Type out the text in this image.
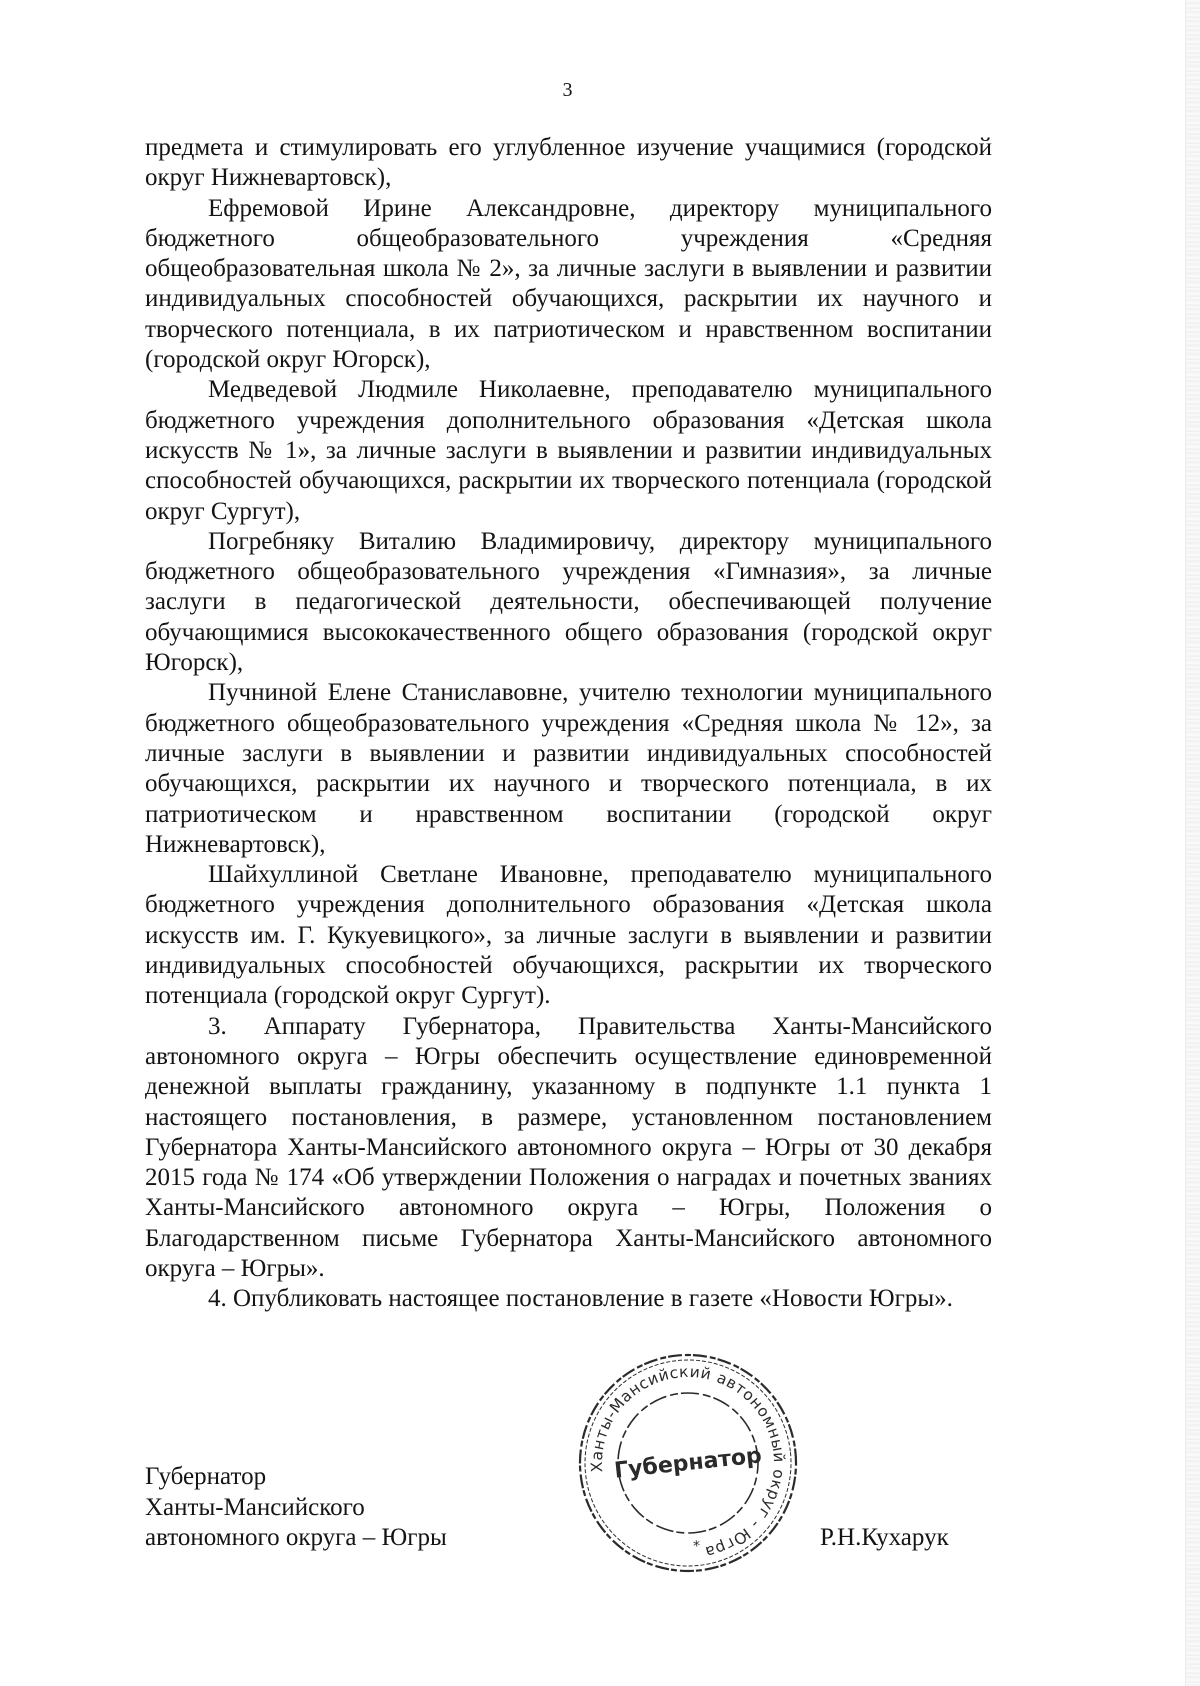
3

предмета и стимулировать его углубленное изучение учащимися (городской округ Нижневартовск),

Ефремовой Ирине Александровне, директору муниципального бюджетного общеобразовательного учреждения «Средняя общеобразовательная школа № 2», за личные заслуги в выявлении и развитии индивидуальных способностей обучающихся, раскрытии их научного и творческого потенциала, в их патриотическом и нравственном воспитании (городской округ Югорск),

Медведевой Людмиле Николаевне, преподавателю муниципального бюджетного учреждения дополнительного образования «Детская школа искусств № 1», за личные заслуги в выявлении и развитии индивидуальных способностей обучающихся, раскрытии их творческого потенциала (городской округ Сургут),

Погребняку Виталию Владимировичу, директору муниципального бюджетного общеобразовательного учреждения «Гимназия», за личные заслуги в педагогической деятельности, обеспечивающей получение обучающимися высококачественного общего образования (городской округ Югорск),

Пучниной Елене Станиславовне, учителю технологии муниципального бюджетного общеобразовательного учреждения «Средняя школа № 12», за личные заслуги в выявлении и развитии индивидуальных способностей обучающихся, раскрытии их научного и творческого потенциала, в их патриотическом и нравственном воспитании (городской округ Нижневартовск),

Шайхуллиной Светлане Ивановне, преподавателю муниципального бюджетного учреждения дополнительного образования «Детская школа искусств им. Г. Кукуевицкого», за личные заслуги в выявлении и развитии индивидуальных способностей обучающихся, раскрытии их творческого потенциала (городской округ Сургут).

3. Аппарату Губернатора, Правительства Ханты-Мансийского автономного округа – Югры обеспечить осуществление единовременной денежной выплаты гражданину, указанному в подпункте 1.1 пункта 1 настоящего постановления, в размере, установленном постановлением Губернатора Ханты-Мансийского автономного округа – Югры от 30 декабря 2015 года № 174 «Об утверждении Положения о наградах и почетных званиях Ханты-Мансийского автономного округа – Югры, Положения о Благодарственном письме Губернатора Ханты-Мансийского автономного округа – Югры».

4. Опубликовать настоящее постановление в газете «Новости Югры».

Губернатор
Ханты-Мансийского
автономного округа – Югры
Ханты-Мансийский автономный округ - Югра
Губернатор
*	Р.Н.Кухарук
